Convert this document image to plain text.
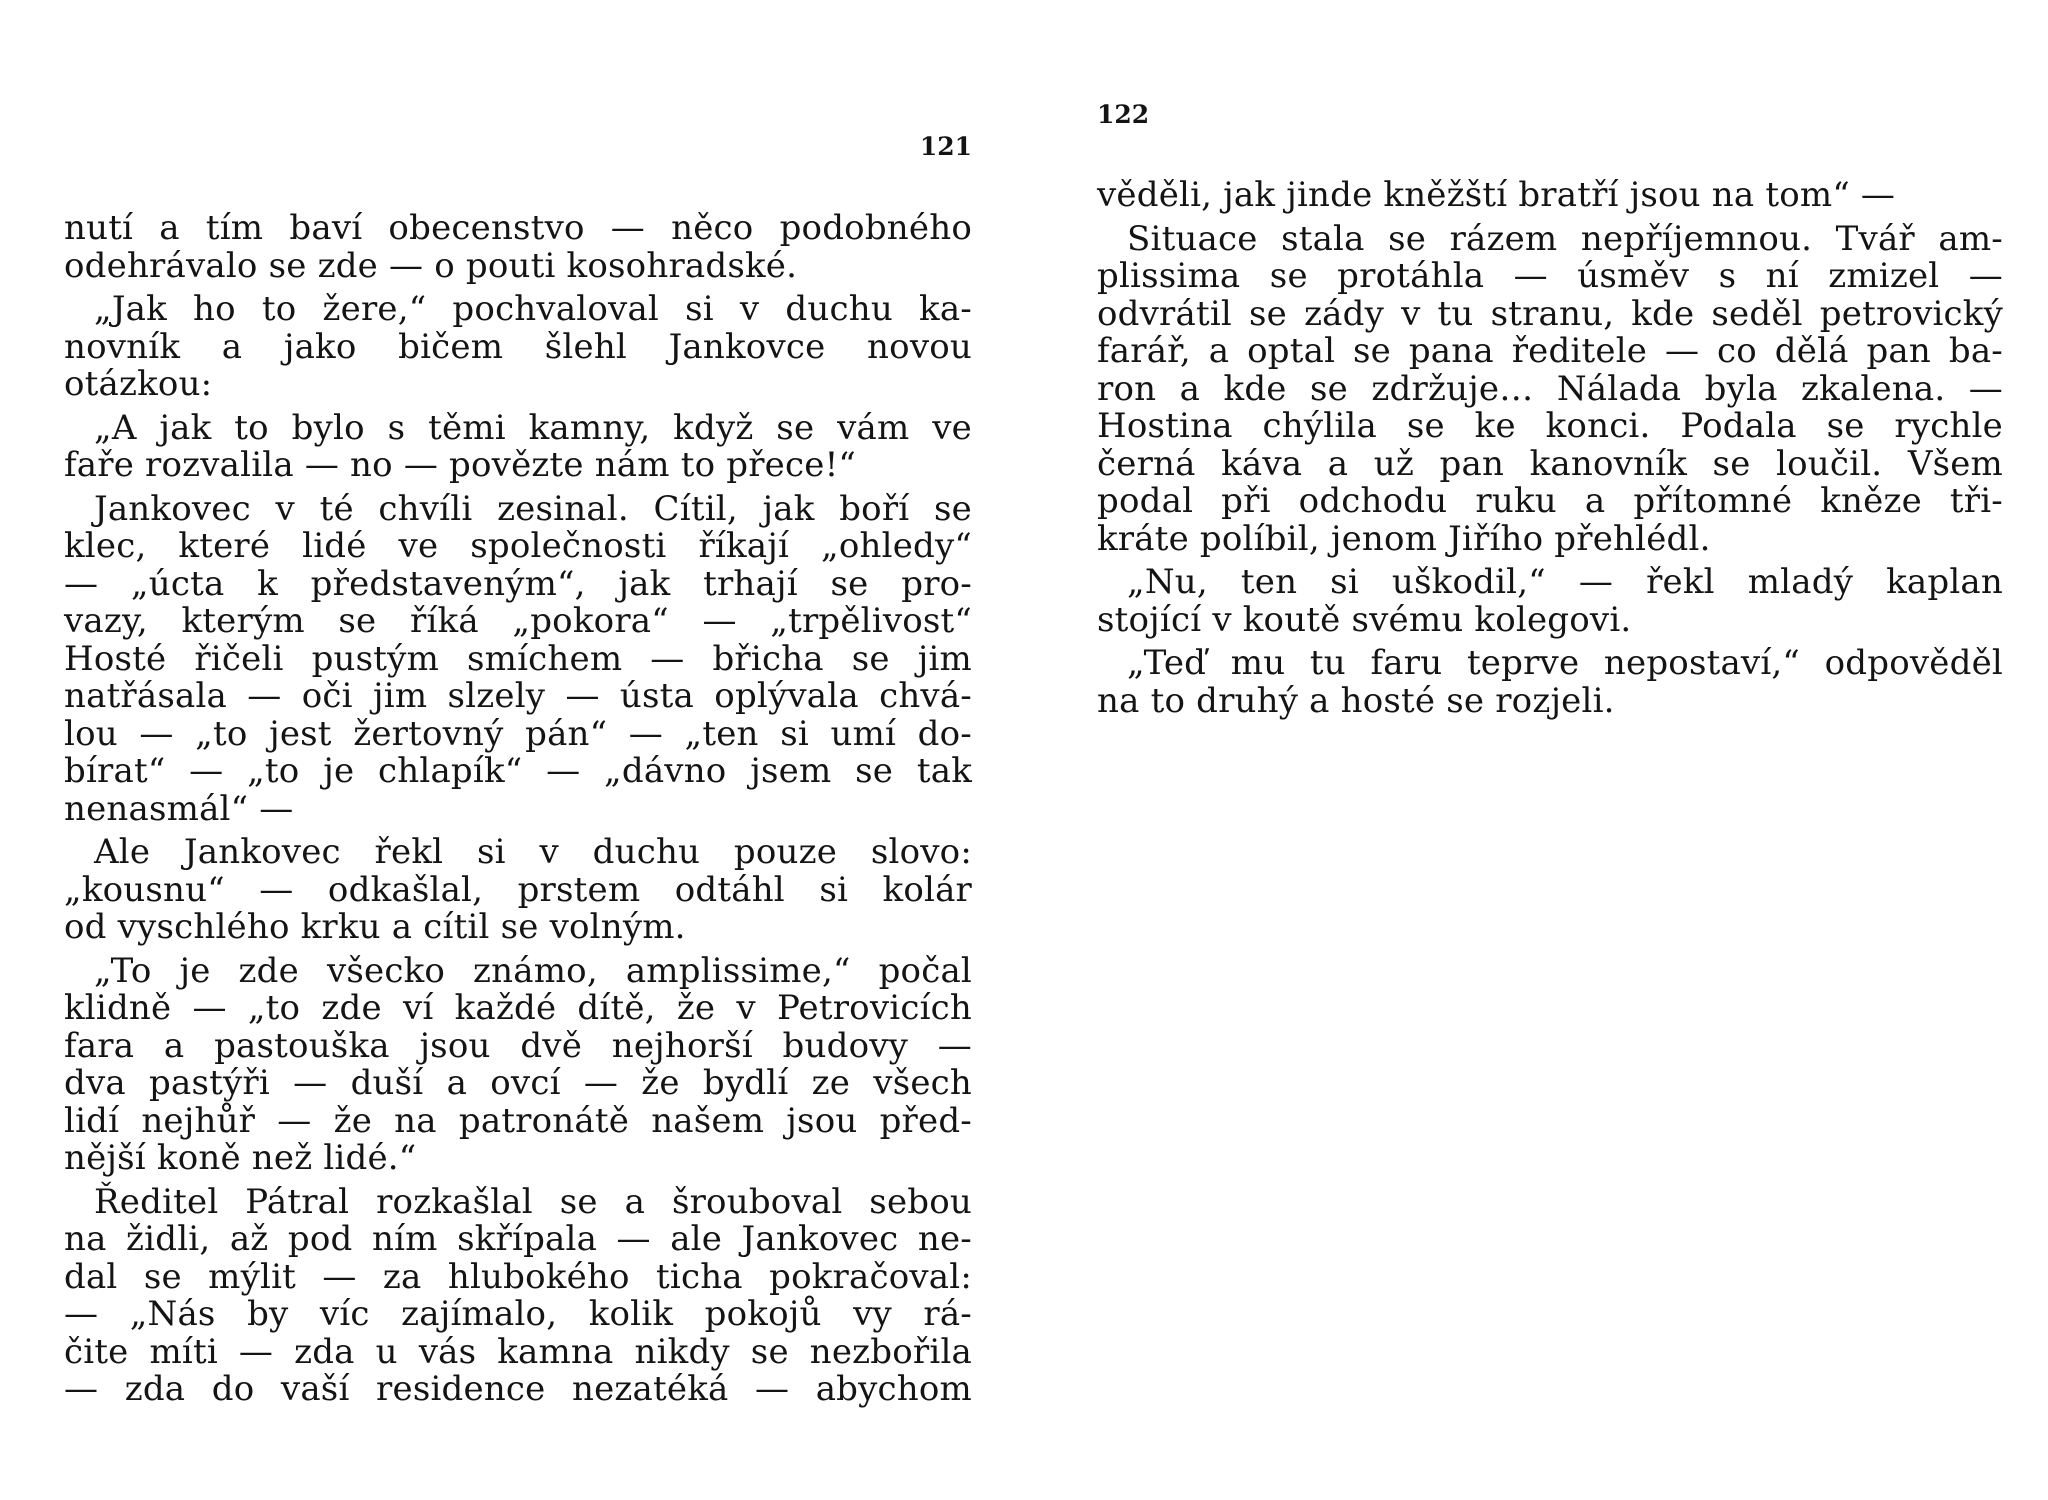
121
nutí a tím baví obecenstvo — něco podobného
odehrávalo se zde — o pouti kosohradské.
„Jak ho to žere,“ pochvaloval si v duchu ka-
novník a jako bičem šlehl Jankovce novou
otázkou:
„A jak to bylo s těmi kamny, když se vám ve
faře rozvalila — no — povězte nám to přece!“
Jankovec v té chvíli zesinal. Cítil, jak boří se
klec, které lidé ve společnosti říkají „ohledy“
— „úcta k představeným“, jak trhají se pro-
vazy, kterým se říká „pokora“ — „trpělivost“
Hosté řičeli pustým smíchem — břicha se jim
natřásala — oči jim slzely — ústa oplývala chvá-
lou — „to jest žertovný pán“ — „ten si umí do-
bírat“ — „to je chlapík“ — „dávno jsem se tak
nenasmál“ —
Ale Jankovec řekl si v duchu pouze slovo:
„kousnu“ — odkašlal, prstem odtáhl si kolár
od vyschlého krku a cítil se volným.
„To je zde všecko známo, amplissime,“ počal
klidně — „to zde ví každé dítě, že v Petrovicích
fara a pastouška jsou dvě nejhorší budovy —
dva pastýři — duší a ovcí — že bydlí ze všech
lidí nejhůř — že na patronátě našem jsou před-
nější koně než lidé.“
Ředitel Pátral rozkašlal se a šrouboval sebou
na židli, až pod ním skřípala — ale Jankovec ne-
dal se mýlit — za hlubokého ticha pokračoval:
— „Nás by víc zajímalo, kolik pokojů vy rá-
čite míti — zda u vás kamna nikdy se nezbořila
— zda do vaší residence nezatéká — abychom
122
věděli, jak jinde kněžští bratří jsou na tom“ —
Situace stala se rázem nepříjemnou. Tvář am-
plissima se protáhla — úsměv s ní zmizel —
odvrátil se zády v tu stranu, kde seděl petrovický
farář, a optal se pana ředitele — co dělá pan ba-
ron a kde se zdržuje… Nálada byla zkalena. —
Hostina chýlila se ke konci. Podala se rychle
černá káva a už pan kanovník se loučil. Všem
podal při odchodu ruku a přítomné kněze tři-
kráte políbil, jenom Jiřího přehlédl.
„Nu, ten si uškodil,“ — řekl mladý kaplan
stojící v koutě svému kolegovi.
„Teď mu tu faru teprve nepostaví,“ odpověděl
na to druhý a hosté se rozjeli.
